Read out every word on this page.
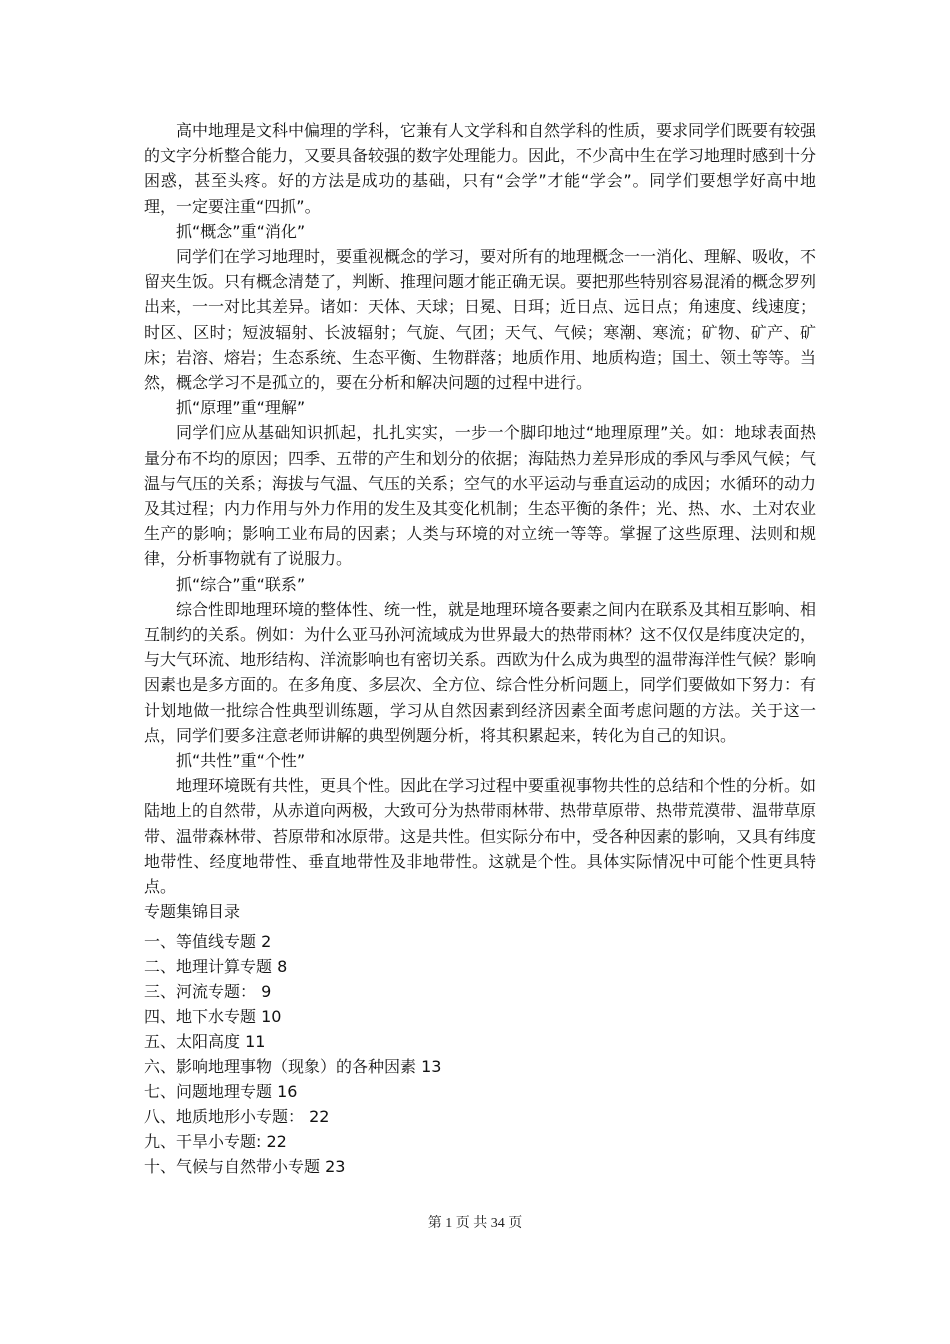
高中地理是文科中偏理的学科，它兼有人文学科和自然学科的性质，要求同学们既要有较强的文字分析整合能力，又要具备较强的数字处理能力。因此，不少高中生在学习地理时感到十分困惑，甚至头疼。好的方法是成功的基础，只有“会学”才能“学会”。同学们要想学好高中地理，一定要注重“四抓”。

抓“概念”重“消化”

同学们在学习地理时，要重视概念的学习，要对所有的地理概念一一消化、理解、吸收，不留夹生饭。只有概念清楚了，判断、推理问题才能正确无误。要把那些特别容易混淆的概念罗列出来，一一对比其差异。诸如：天体、天球；日冕、日珥；近日点、远日点；角速度、线速度；时区、区时；短波辐射、长波辐射；气旋、气团；天气、气候；寒潮、寒流；矿物、矿产、矿床；岩溶、熔岩；生态系统、生态平衡、生物群落；地质作用、地质构造；国土、领土等等。当然，概念学习不是孤立的，要在分析和解决问题的过程中进行。

抓“原理”重“理解”

同学们应从基础知识抓起，扎扎实实，一步一个脚印地过“地理原理”关。如：地球表面热量分布不均的原因；四季、五带的产生和划分的依据；海陆热力差异形成的季风与季风气候；气温与气压的关系；海拔与气温、气压的关系；空气的水平运动与垂直运动的成因；水循环的动力及其过程；内力作用与外力作用的发生及其变化机制；生态平衡的条件；光、热、水、土对农业生产的影响；影响工业布局的因素；人类与环境的对立统一等等。掌握了这些原理、法则和规律，分析事物就有了说服力。

抓“综合”重“联系”

综合性即地理环境的整体性、统一性，就是地理环境各要素之间内在联系及其相互影响、相互制约的关系。例如：为什么亚马孙河流域成为世界最大的热带雨林？这不仅仅是纬度决定的，与大气环流、地形结构、洋流影响也有密切关系。西欧为什么成为典型的温带海洋性气候？影响因素也是多方面的。在多角度、多层次、全方位、综合性分析问题上，同学们要做如下努力：有计划地做一批综合性典型训练题，学习从自然因素到经济因素全面考虑问题的方法。关于这一点，同学们要多注意老师讲解的典型例题分析，将其积累起来，转化为自己的知识。

抓“共性”重“个性”

地理环境既有共性，更具个性。因此在学习过程中要重视事物共性的总结和个性的分析。如陆地上的自然带，从赤道向两极，大致可分为热带雨林带、热带草原带、热带荒漠带、温带草原带、温带森林带、苔原带和冰原带。这是共性。但实际分布中，受各种因素的影响，又具有纬度地带性、经度地带性、垂直地带性及非地带性。这就是个性。具体实际情况中可能个性更具特点。

专题集锦目录

一、等值线专题 2
二、地理计算专题 8
三、河流专题： 9
四、地下水专题 10
五、太阳高度 11
六、影响地理事物（现象）的各种因素 13
七、问题地理专题 16
八、地质地形小专题： 22
九、干旱小专题: 22
十、气候与自然带小专题 23
第 1 页 共 34 页
